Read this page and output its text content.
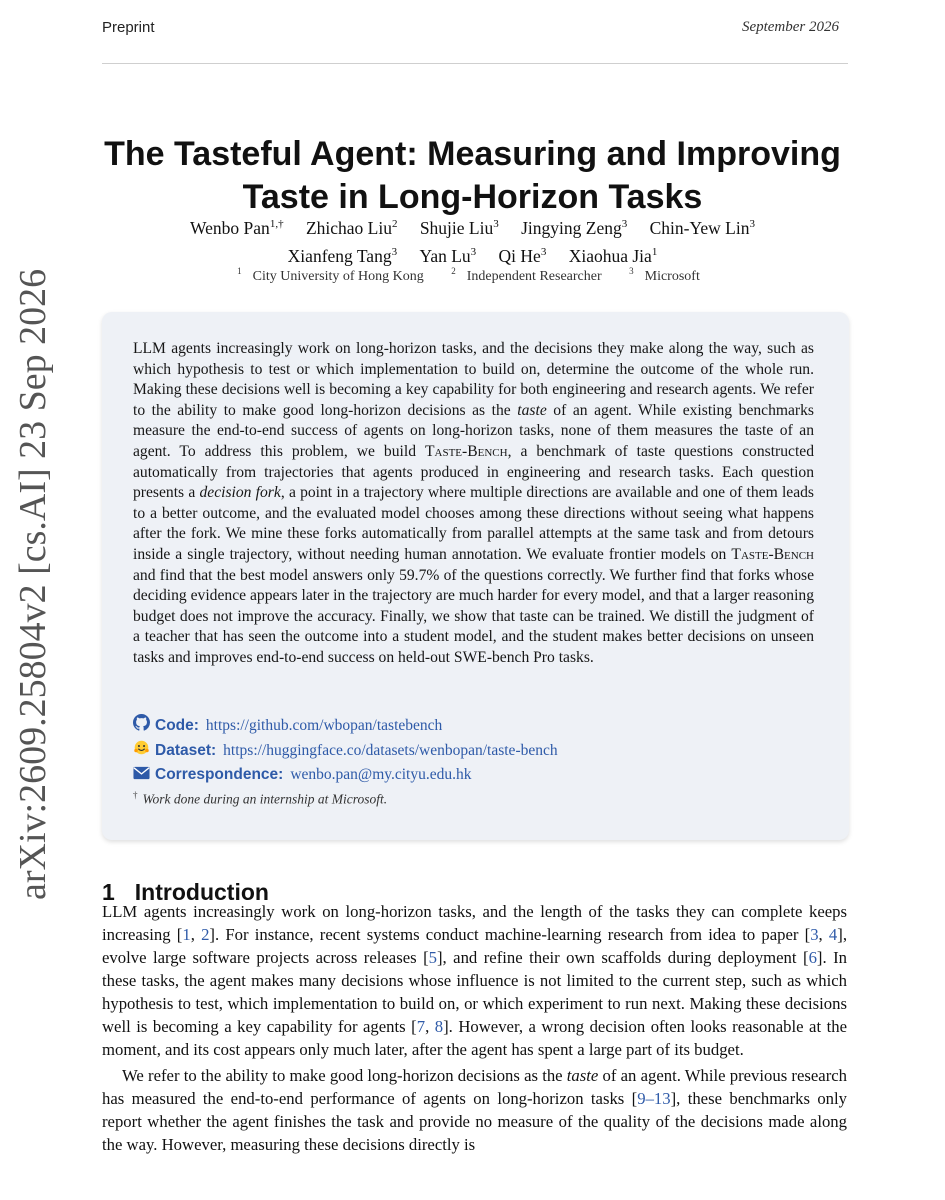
Preprint	September 2026
arXiv:2609.25804v2 [cs.AI] 23 Sep 2026
The Tasteful Agent: Measuring and Improving
Taste in Long-Horizon Tasks
Wenbo Pan$^{1,\dagger}$ Zhichao Liu$^2$ Shujie Liu$^3$ Jingying Zeng$^3$ Chin-Yew Lin$^3$
Xianfeng Tang$^3$ Yan Lu$^3$ Qi He$^3$ Xiaohua Jia$^1$
$^1$ City University of Hong Kong	$^2$ Independent Researcher	$^3$ Microsoft
LLM agents increasingly work on long-horizon tasks, and the decisions they make along the way, such as which hypothesis to test or which implementation to build on, determine the outcome of the whole run. Making these decisions well is becoming a key capability for both engineering and research agents. We refer to the ability to make good long-horizon decisions as the taste of an agent. While existing benchmarks measure the end-to-end success of agents on long-horizon tasks, none of them measures the taste of an agent. To address this problem, we build Taste-Bench, a benchmark of taste questions constructed automatically from trajectories that agents produced in engineering and research tasks. Each question presents a decision fork, a point in a trajectory where multiple directions are available and one of them leads to a better outcome, and the evaluated model chooses among these directions without seeing what happens after the fork. We mine these forks automatically from parallel attempts at the same task and from detours inside a single trajectory, without needing human annotation. We evaluate frontier models on Taste-Bench and find that the best model answers only 59.7% of the questions correctly. We further find that forks whose deciding evidence appears later in the trajectory are much harder for every model, and that a larger reasoning budget does not improve the accuracy. Finally, we show that taste can be trained. We distill the judgment of a teacher that has seen the outcome into a student model, and the student makes better decisions on unseen tasks and improves end-to-end success on held-out SWE-bench Pro tasks.
Code: https://github.com/wbopan/tastebench
Dataset: https://huggingface.co/datasets/wenbopan/taste-bench
Correspondence: wenbo.pan@my.cityu.edu.hk
† Work done during an internship at Microsoft.
1 Introduction

LLM agents increasingly work on long-horizon tasks, and the length of the tasks they can complete keeps increasing [1, 2]. For instance, recent systems conduct machine-learning research from idea to paper [3, 4], evolve large software projects across releases [5], and refine their own scaffolds during deployment [6]. In these tasks, the agent makes many decisions whose influence is not limited to the current step, such as which hypothesis to test, which implementation to build on, or which experiment to run next. Making these decisions well is becoming a key capability for agents [7, 8]. However, a wrong decision often looks reasonable at the moment, and its cost appears only much later, after the agent has spent a large part of its budget.

We refer to the ability to make good long-horizon decisions as the taste of an agent. While previous research has measured the end-to-end performance of agents on long-horizon tasks [9–13], these benchmarks only report whether the agent finishes the task and provide no measure of the quality of the decisions made along the way. However, measuring these decisions directly is
